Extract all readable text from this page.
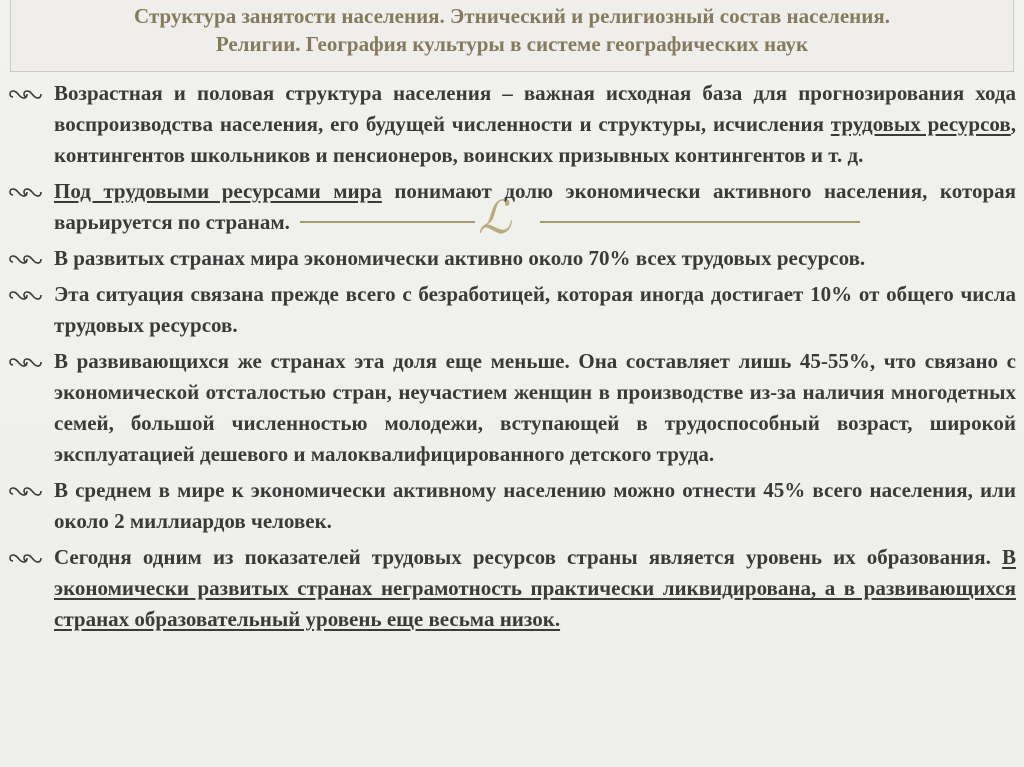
Структура занятости населения. Этнический и религиозный состав населения.
Религии. География культуры в системе географических наук
ℒ
Возрастная и половая структура населения – важная исходная база для прогнозирования хода воспроизводства населения, его будущей численности и структуры, исчисления трудовых ресурсов, контингентов школьников и пенсионеров, воинских призывных контингентов и т. д.
Под трудовыми ресурсами мира понимают долю экономически активного населения, которая варьируется по странам.
В развитых странах мира экономически активно около 70% всех трудовых ресурсов.
Эта ситуация связана прежде всего с безработицей, которая иногда достигает 10% от общего числа трудовых ресурсов.
В развивающихся же странах эта доля еще меньше. Она составляет лишь 45-55%, что связано с экономической отсталостью стран, неучастием женщин в производстве из-за наличия многодетных семей, большой численностью молодежи, вступающей в трудоспособный возраст, широкой эксплуатацией дешевого и малоквалифицированного детского труда.
В среднем в мире к экономически активному населению можно отнести 45% всего населения, или около 2 миллиардов человек.
Сегодня одним из показателей трудовых ресурсов страны является уровень их образования. В экономически развитых странах неграмотность практически ликвидирована, а в развивающихся странах образовательный уровень еще весьма низок.
